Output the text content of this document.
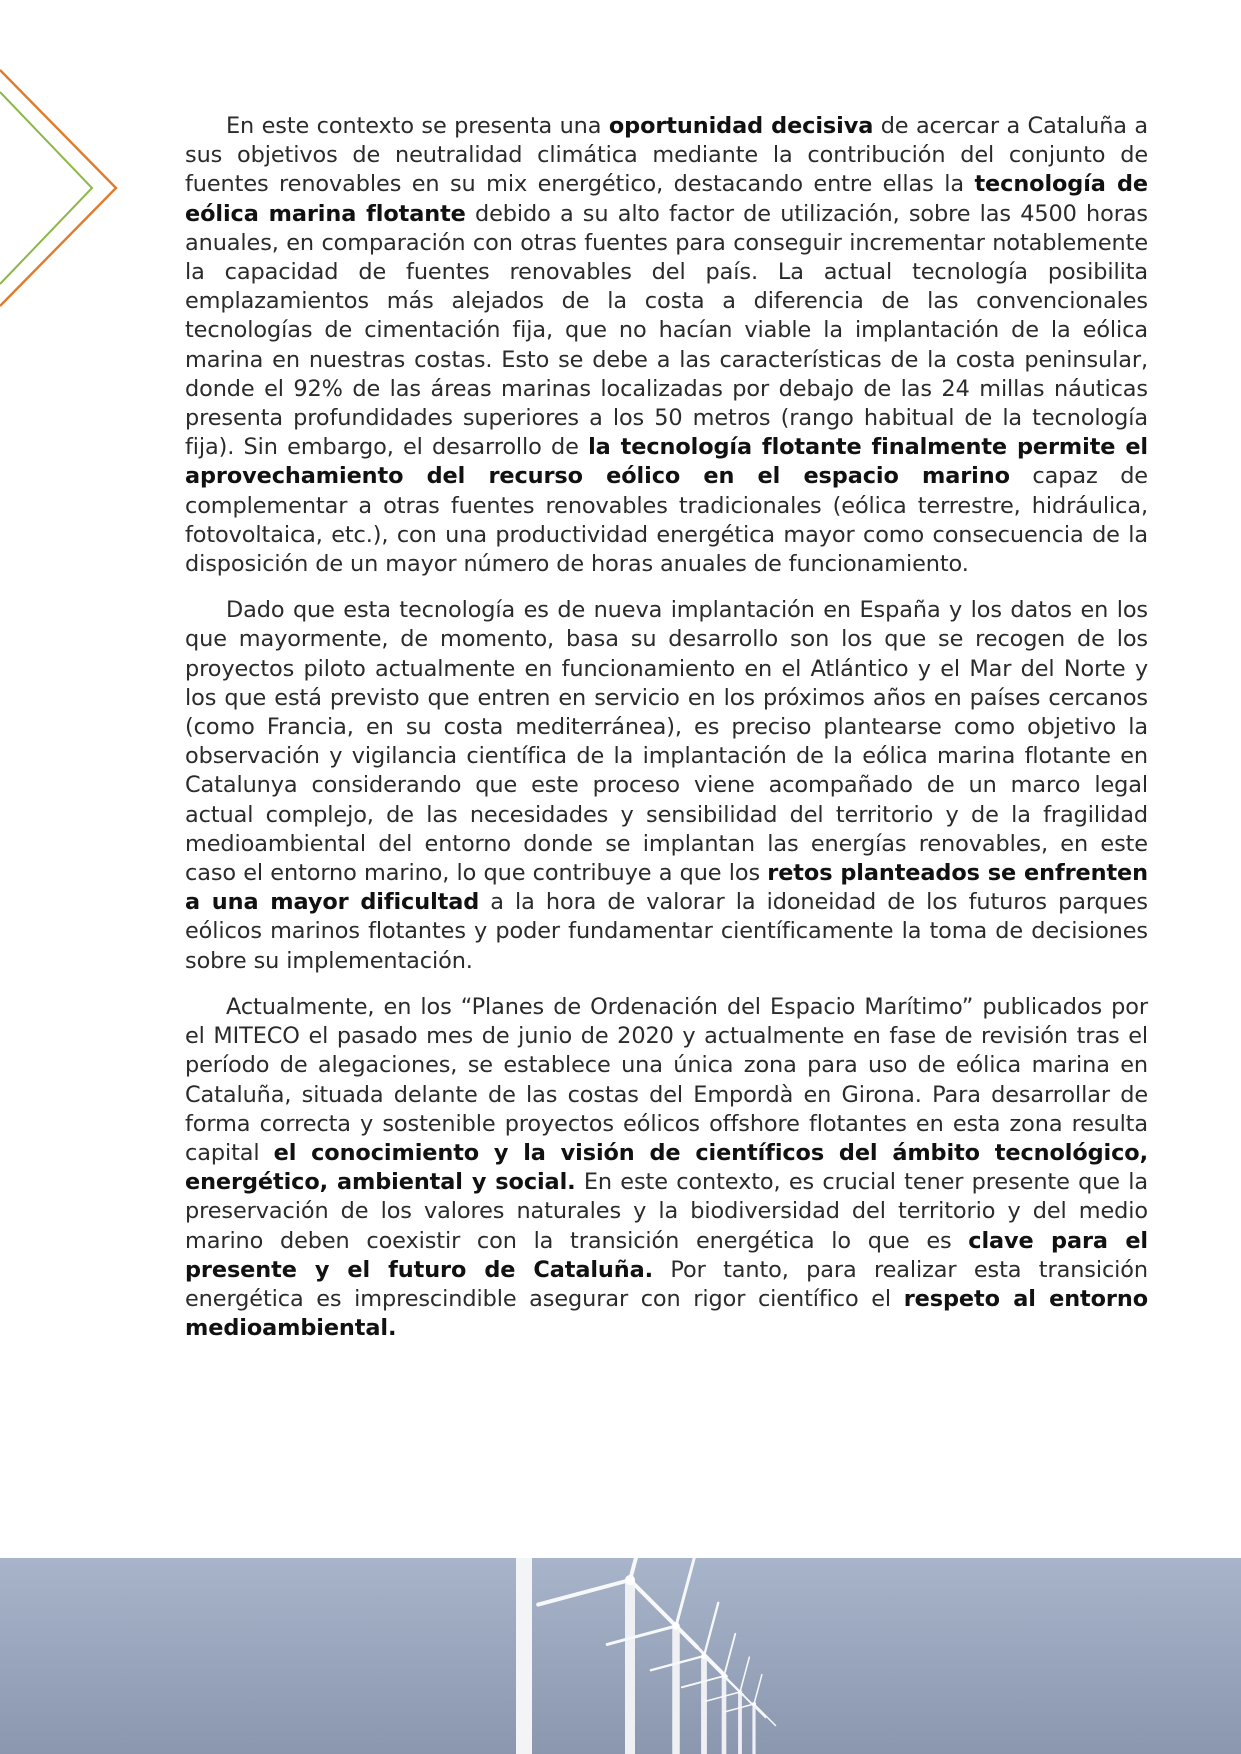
En este contexto se presenta una oportunidad decisiva de acercar a Cataluña a sus objetivos de neutralidad climática mediante la contribución del conjunto de fuentes renovables en su mix energético, destacando entre ellas la tecnología de eólica marina flotante debido a su alto factor de utilización, sobre las 4500 horas anuales, en comparación con otras fuentes para conseguir incrementar notablemente la capacidad de fuentes renovables del país. La actual tecnología posibilita emplazamientos más alejados de la costa a diferencia de las convencionales tecnologías de cimentación fija, que no hacían viable la implantación de la eólica marina en nuestras costas. Esto se debe a las características de la costa peninsular, donde el 92% de las áreas marinas localizadas por debajo de las 24 millas náuticas presenta profundidades superiores a los 50 metros (rango habitual de la tecnología fija). Sin embargo, el desarrollo de la tecnología flotante finalmente permite el aprovechamiento del recurso eólico en el espacio marino capaz de complementar a otras fuentes renovables tradicionales (eólica terrestre, hidráulica, fotovoltaica, etc.), con una productividad energética mayor como consecuencia de la disposición de un mayor número de horas anuales de funcionamiento.

Dado que esta tecnología es de nueva implantación en España y los datos en los que mayormente, de momento, basa su desarrollo son los que se recogen de los proyectos piloto actualmente en funcionamiento en el Atlántico y el Mar del Norte y los que está previsto que entren en servicio en los próximos años en países cercanos (como Francia, en su costa mediterránea), es preciso plantearse como objetivo la observación y vigilancia científica de la implantación de la eólica marina flotante en Catalunya considerando que este proceso viene acompañado de un marco legal actual complejo, de las necesidades y sensibilidad del territorio y de la fragilidad medioambiental del entorno donde se implantan las energías renovables, en este caso el entorno marino, lo que contribuye a que los retos planteados se enfrenten a una mayor dificultad a la hora de valorar la idoneidad de los futuros parques eólicos marinos flotantes y poder fundamentar científicamente la toma de decisiones sobre su implementación.

Actualmente, en los “Planes de Ordenación del Espacio Marítimo” publicados por el MITECO el pasado mes de junio de 2020 y actualmente en fase de revisión tras el período de alegaciones, se establece una única zona para uso de eólica marina en Cataluña, situada delante de las costas del Empordà en Girona. Para desarrollar de forma correcta y sostenible proyectos eólicos offshore flotantes en esta zona resulta capital el conocimiento y la visión de científicos del ámbito tecnológico, energético, ambiental y social. En este contexto, es crucial tener presente que la preservación de los valores naturales y la biodiversidad del territorio y del medio marino deben coexistir con la transición energética lo que es clave para el presente y el futuro de Cataluña. Por tanto, para realizar esta transición energética es imprescindible asegurar con rigor científico el respeto al entorno medioambiental.
